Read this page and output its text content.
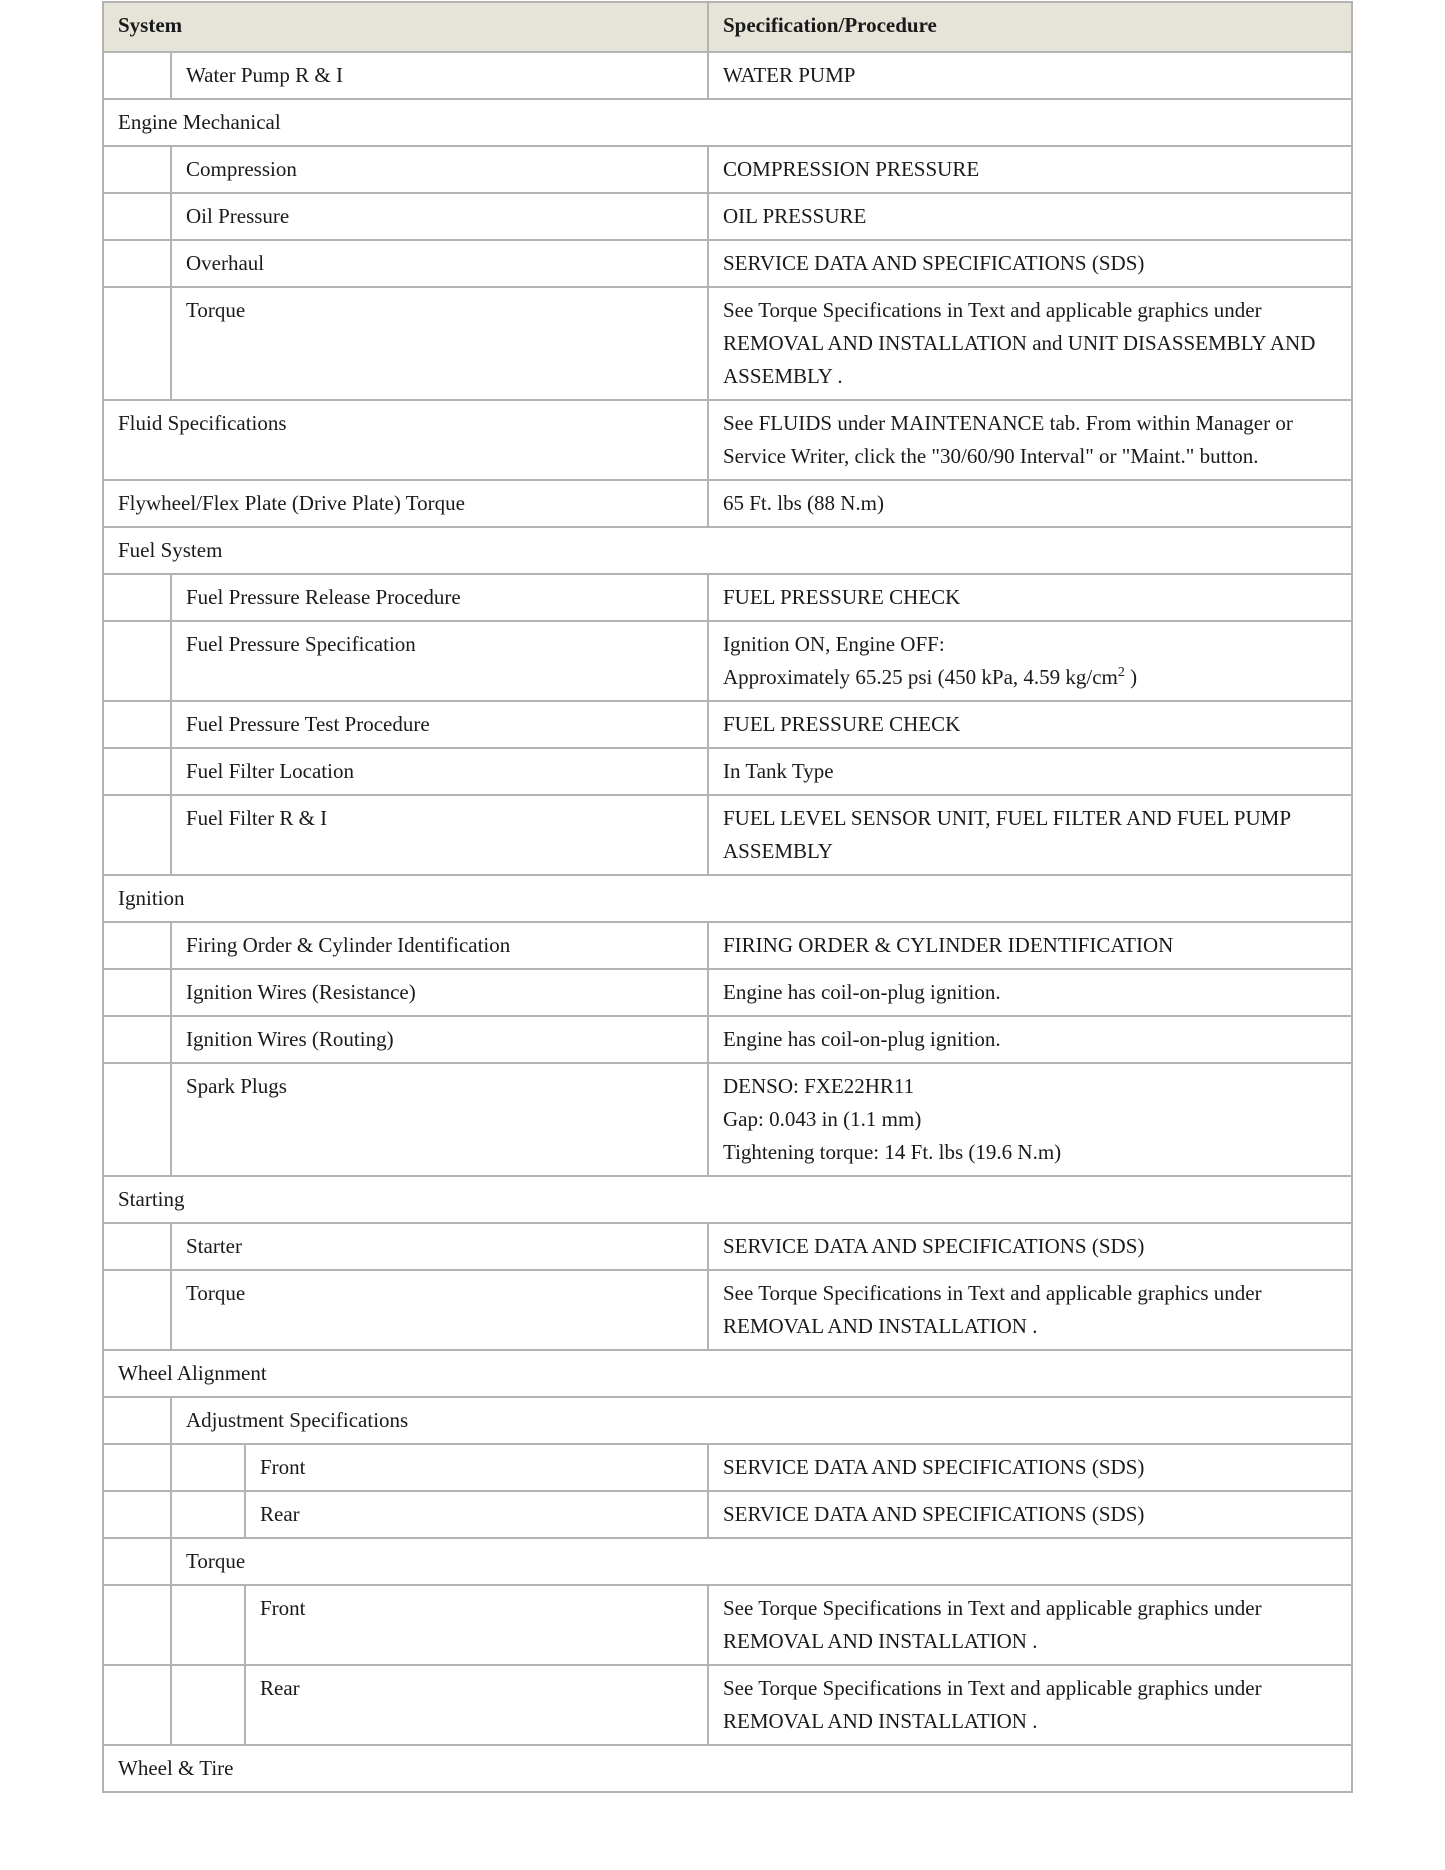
System			Specification/Procedure
	Water Pump R & I		WATER PUMP

Engine Mechanical			
	Compression		COMPRESSION PRESSURE

	Oil Pressure		OIL PRESSURE

	Overhaul		SERVICE DATA AND SPECIFICATIONS (SDS)

	Torque		See Torque Specifications in Text and applicable graphics under
REMOVAL AND INSTALLATION and UNIT DISASSEMBLY AND
ASSEMBLY .

Fluid Specifications			See FLUIDS under MAINTENANCE tab. From within Manager or
Service Writer, click the "30/60/90 Interval" or "Maint." button.

Flywheel/Flex Plate (Drive Plate) Torque			65 Ft. lbs (88 N.m)

Fuel System			
	Fuel Pressure Release Procedure		FUEL PRESSURE CHECK

	Fuel Pressure Specification		Ignition ON, Engine OFF:
Approximately 65.25 psi (450 kPa, 4.59 $kg/cm^2$ )

	Fuel Pressure Test Procedure		FUEL PRESSURE CHECK

	Fuel Filter Location		In Tank Type

	Fuel Filter R & I		FUEL LEVEL SENSOR UNIT, FUEL FILTER AND FUEL PUMP
ASSEMBLY

Ignition			
	Firing Order & Cylinder Identification		FIRING ORDER & CYLINDER IDENTIFICATION

	Ignition Wires (Resistance)		Engine has coil-on-plug ignition.

	Ignition Wires (Routing)		Engine has coil-on-plug ignition.

	Spark Plugs		DENSO: FXE22HR11
Gap: 0.043 in (1.1 mm)
Tightening torque: 14 Ft. lbs (19.6 N.m)

Starting			
	Starter		SERVICE DATA AND SPECIFICATIONS (SDS)

	Torque		See Torque Specifications in Text and applicable graphics under
REMOVAL AND INSTALLATION .

Wheel Alignment			
	Adjustment Specifications		
		Front	SERVICE DATA AND SPECIFICATIONS (SDS)

		Rear	SERVICE DATA AND SPECIFICATIONS (SDS)

	Torque		
		Front	See Torque Specifications in Text and applicable graphics under
REMOVAL AND INSTALLATION .

		Rear	See Torque Specifications in Text and applicable graphics under
REMOVAL AND INSTALLATION .

Wheel & Tire			
